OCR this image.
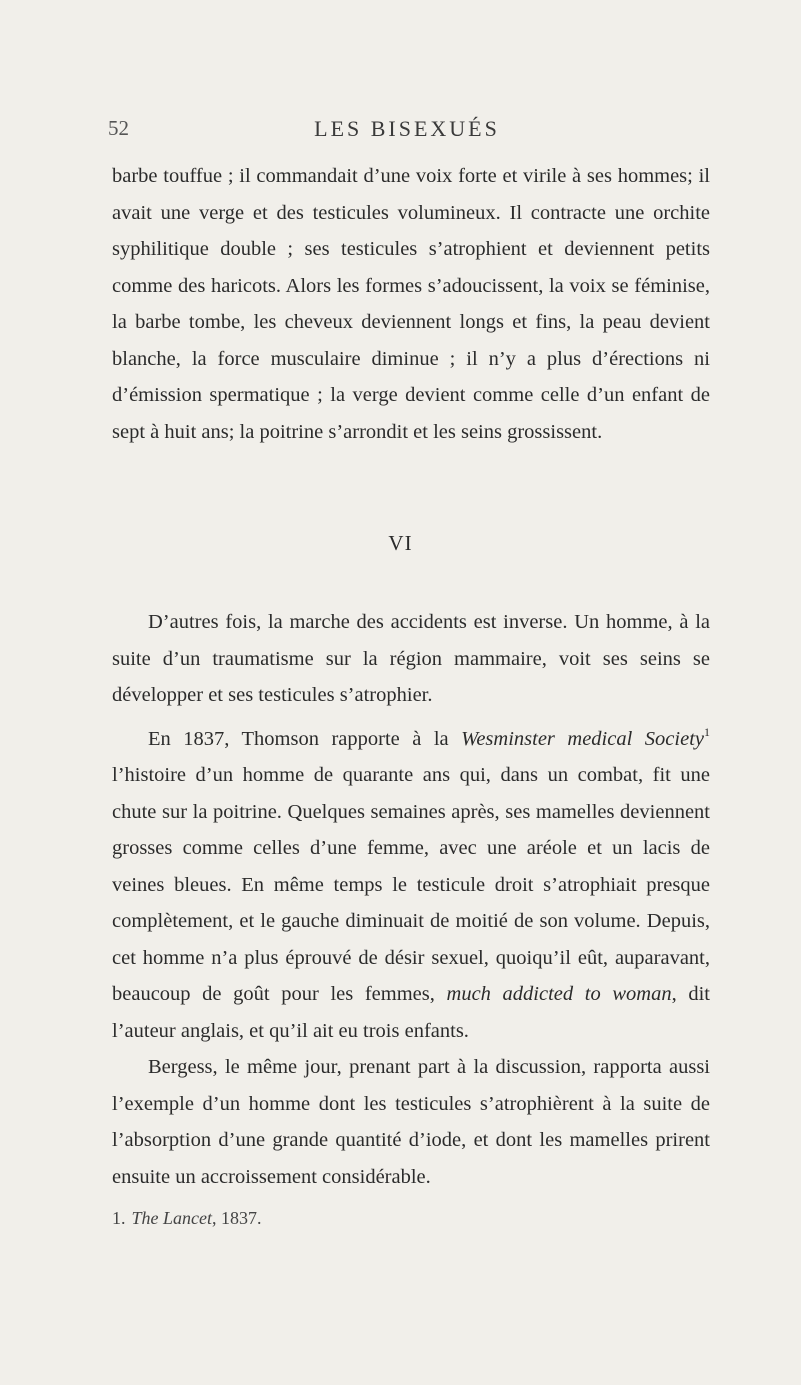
52	LES BISEXUÉS

barbe touffue ; il commandait d’une voix forte et virile à ses hommes; il avait une verge et des testicules volumineux. Il contracte une orchite syphilitique double ; ses testicules s’atrophient et deviennent petits comme des haricots. Alors les formes s’adoucissent, la voix se féminise, la barbe tombe, les cheveux deviennent longs et fins, la peau devient blanche, la force musculaire diminue ; il n’y a plus d’érections ni d’émission spermatique ; la verge devient comme celle d’un enfant de sept à huit ans; la poitrine s’arrondit et les seins grossissent.

VI

D’autres fois, la marche des accidents est inverse. Un homme, à la suite d’un traumatisme sur la région mammaire, voit ses seins se développer et ses testicules s’atrophier.

En 1837, Thomson rapporte à la Wesminster medical Society$^1$ l’histoire d’un homme de quarante ans qui, dans un combat, fit une chute sur la poitrine. Quelques semaines après, ses mamelles deviennent grosses comme celles d’une femme, avec une aréole et un lacis de veines bleues. En même temps le testicule droit s’atrophiait presque complètement, et le gauche diminuait de moitié de son volume. Depuis, cet homme n’a plus éprouvé de désir sexuel, quoiqu’il eût, auparavant, beaucoup de goût pour les femmes, much addicted to woman, dit l’auteur anglais, et qu’il ait eu trois enfants.

Bergess, le même jour, prenant part à la discussion, rapporta aussi l’exemple d’un homme dont les testicules s’atrophièrent à la suite de l’absorption d’une grande quantité d’iode, et dont les mamelles prirent ensuite un accroissement considérable.

1. The Lancet, 1837.
